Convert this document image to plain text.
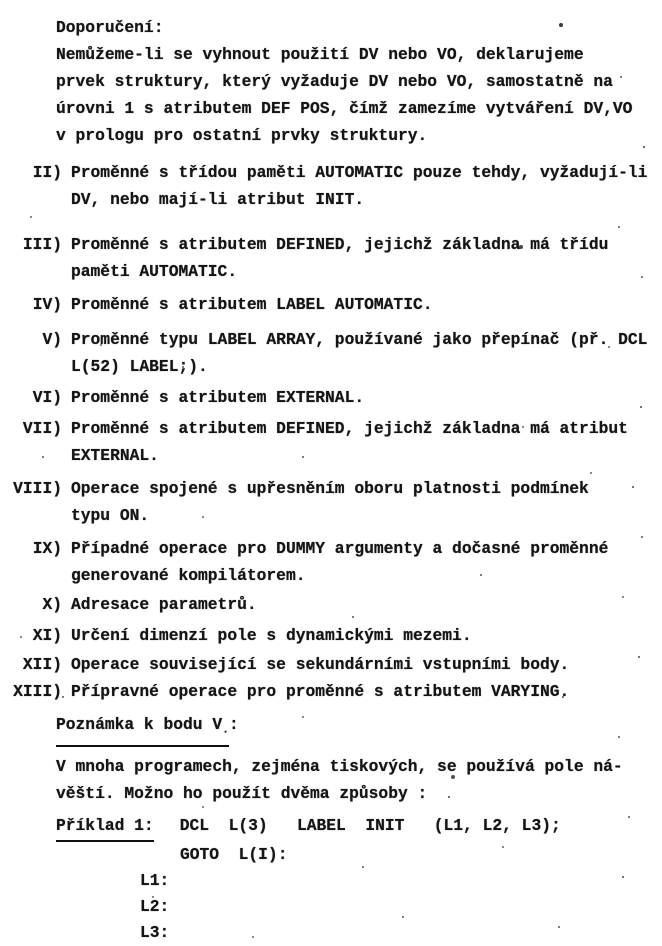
Doporučení:
Nemůžeme-li se vyhnout použití DV nebo VO, deklarujeme
prvek struktury, který vyžaduje DV nebo VO, samostatně na
úrovni 1 s atributem DEF POS, čímž zamezíme vytváření DV,VO
v prologu pro ostatní prvky struktury.
II) Proměnné s třídou paměti AUTOMATIC pouze tehdy, vyžadují-li
DV, nebo mají-li atribut INIT.
III) Proměnné s atributem DEFINED, jejichž základna má třídu
paměti AUTOMATIC.
IV) Proměnné s atributem LABEL AUTOMATIC.
V) Proměnné typu LABEL ARRAY, používané jako přepínač (př. DCL
L(52) LABEL;).
VI) Proměnné s atributem EXTERNAL.
VII) Proměnné s atributem DEFINED, jejichž základna má atribut
EXTERNAL.
VIII) Operace spojené s upřesněním oboru platnosti podmínek
typu ON.
IX) Případné operace pro DUMMY argumenty a dočasné proměnné
generované kompilátorem.
X) Adresace parametrů.
XI) Určení dimenzí pole s dynamickými mezemi.
XII) Operace související se sekundárními vstupními body.
XIII) Přípravné operace pro proměnné s atributem VARYING.
Poznámka k bodu $V_.$:
V mnoha programech, zejména tiskových, se používá pole ná-
věští. Možno ho použít dvěma způsoby :
Příklad 1: DCL  L(3)   LABEL  INIT   (L1, L2, L3);
GOTO  L(I):
L1:
L2:
L3:
